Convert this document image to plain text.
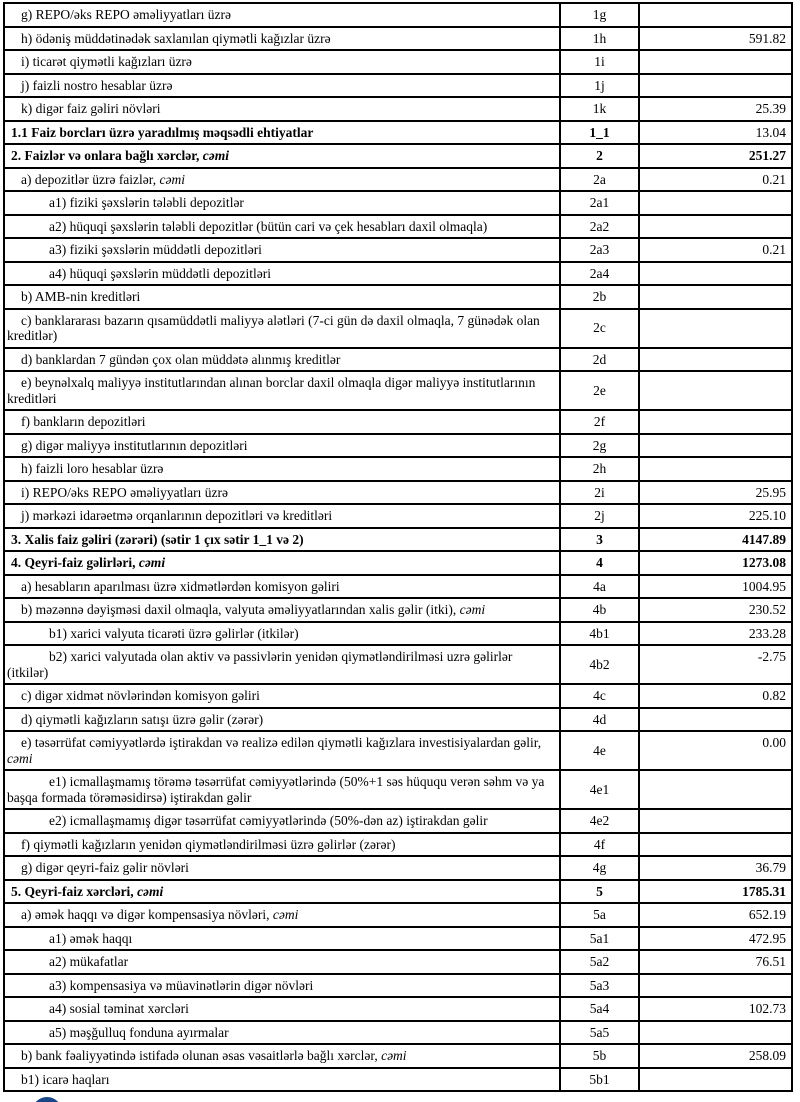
g) REPO/əks REPO əməliyyatları üzrə	1g	
h) ödəniş müddətinədək saxlanılan qiymətli kağızlar üzrə	1h	591.82
i) ticarət qiymətli kağızları üzrə	1i	
j) faizli nostro hesablar üzrə	1j	
k) digər faiz gəliri növləri	1k	25.39
1.1 Faiz borcları üzrə yaradılmış məqsədli ehtiyatlar	1_1	13.04
2. Faizlər və onlara bağlı xərclər, cəmi	2	251.27
a) depozitlər üzrə faizlər, cəmi	2a	0.21
a1) fiziki şəxslərin tələbli depozitlər	2a1	
a2) hüquqi şəxslərin tələbli depozitlər (bütün cari və çek hesabları daxil olmaqla)	2a2	
a3) fiziki şəxslərin müddətli depozitləri	2a3	0.21
a4) hüquqi şəxslərin müddətli depozitləri	2a4	
b) AMB-nin kreditləri	2b	
c) banklararası bazarın qısamüddətli maliyyə alətləri (7-ci gün də daxil olmaqla, 7 günədək olan kreditlər)	2c	
d) banklardan 7 gündən çox olan müddətə alınmış kreditlər	2d	
e) beynəlxalq maliyyə institutlarından alınan borclar daxil olmaqla digər maliyyə institutlarının kreditləri	2e	
f) bankların depozitləri	2f	
g) digər maliyyə institutlarının depozitləri	2g	
h) faizli loro hesablar üzrə	2h	
i) REPO/əks REPO əməliyyatları üzrə	2i	25.95
j) mərkəzi idarəetmə orqanlarının depozitləri və kreditləri	2j	225.10
3. Xalis faiz gəliri (zərəri) (sətir 1 çıx sətir 1_1 və 2)	3	4147.89
4. Qeyri-faiz gəlirləri, cəmi	4	1273.08
a) hesabların aparılması üzrə xidmətlərdən komisyon gəliri	4a	1004.95
b) məzənnə dəyişməsi daxil olmaqla, valyuta əməliyyatlarından xalis gəlir (itki), cəmi	4b	230.52
b1) xarici valyuta ticarəti üzrə gəlirlər (itkilər)	4b1	233.28
b2) xarici valyutada olan aktiv və passivlərin yenidən qiymətləndirilməsi uzrə gəlirlər (itkilər)	4b2	-2.75
c) digər xidmət növlərindən komisyon gəliri	4c	0.82
d) qiymətli kağızların satışı üzrə gəlir (zərər)	4d	
e) təsərrüfat cəmiyyətlərdə iştirakdan və realizə edilən qiymətli kağızlara investisiyalardan gəlir, cəmi	4e	0.00
e1) icmallaşmamış törəmə təsərrüfat cəmiyyətlərində (50%+1 səs hüququ verən səhm və ya başqa formada törəməsidirsə) iştirakdan gəlir	4e1	
e2) icmallaşmamış digər təsərrüfat cəmiyyətlərində (50%-dən az) iştirakdan gəlir	4e2	
f) qiymətli kağızların yenidən qiymətləndirilməsi üzrə gəlirlər (zərər)	4f	
g) digər qeyri-faiz gəlir növləri	4g	36.79
5. Qeyri-faiz xərcləri, cəmi	5	1785.31
a) əmək haqqı və digər kompensasiya növləri, cəmi	5a	652.19
a1) əmək haqqı	5a1	472.95
a2) mükafatlar	5a2	76.51
a3) kompensasiya və müavinətlərin digər növləri	5a3	
a4) sosial təminat xərcləri	5a4	102.73
a5) məşğulluq fonduna ayırmalar	5a5	
b) bank fəaliyyətində istifadə olunan əsas vəsaitlərlə bağlı xərclər, cəmi	5b	258.09
b1) icarə haqları	5b1	
